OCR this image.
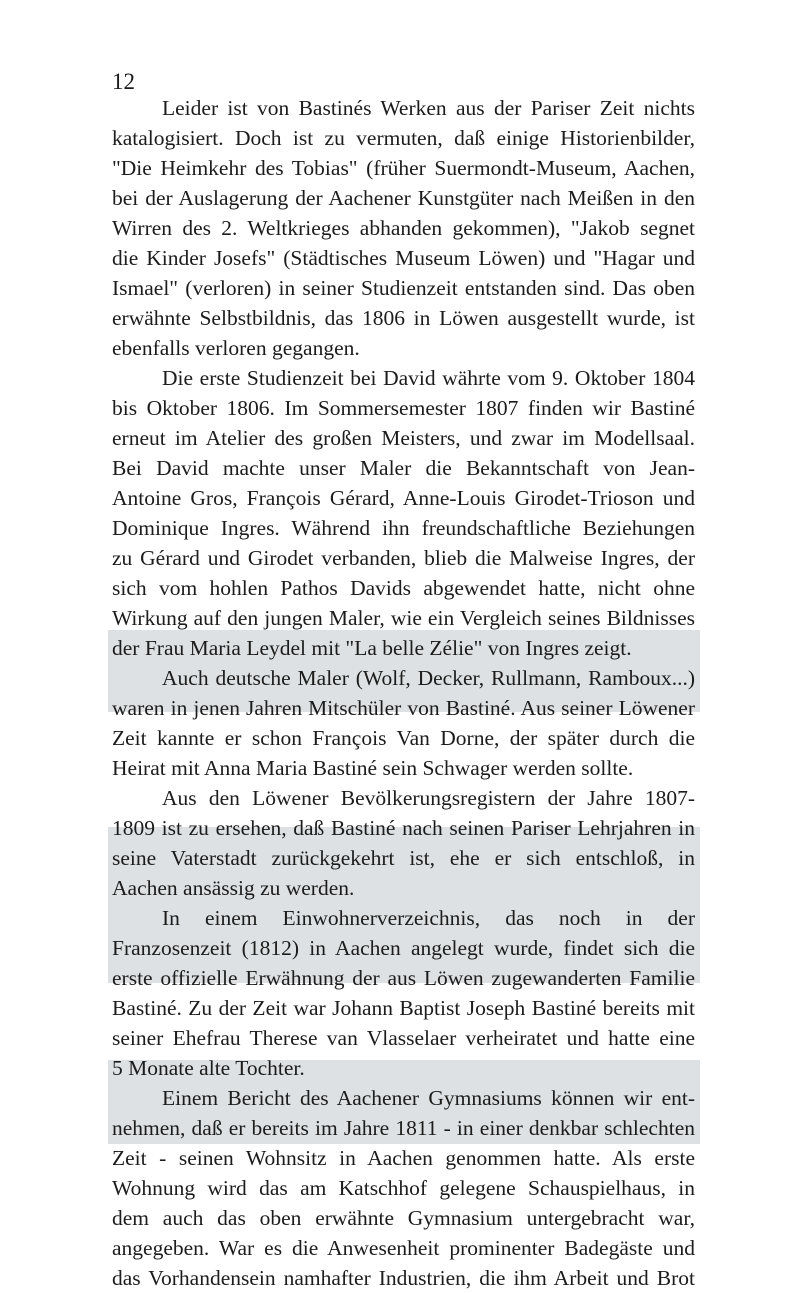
12
Leider ist von Bastinés Werken aus der Pariser Zeit nichts
katalogisiert. Doch ist zu vermuten, daß einige Historienbilder,
"Die Heimkehr des Tobias" (früher Suermondt-Museum, Aachen,
bei der Auslagerung der Aachener Kunstgüter nach Meißen in den
Wirren des 2. Weltkrieges abhanden gekommen), "Jakob segnet
die Kinder Josefs" (Städtisches Museum Löwen) und "Hagar und
Ismael" (verloren) in seiner Studienzeit entstanden sind. Das oben
erwähnte Selbstbildnis, das 1806 in Löwen ausgestellt wurde, ist
ebenfalls verloren gegangen.
Die erste Studienzeit bei David währte vom 9. Oktober 1804
bis Oktober 1806. Im Sommersemester 1807 finden wir Bastiné
erneut im Atelier des großen Meisters, und zwar im Modellsaal.
Bei David machte unser Maler die Bekanntschaft von Jean-
Antoine Gros, François Gérard, Anne-Louis Girodet-Trioson und
Dominique Ingres. Während ihn freundschaftliche Beziehungen
zu Gérard und Girodet verbanden, blieb die Malweise Ingres, der
sich vom hohlen Pathos Davids abgewendet hatte, nicht ohne
Wirkung auf den jungen Maler, wie ein Vergleich seines Bildnisses
der Frau Maria Leydel mit "La belle Zélie" von Ingres zeigt.
Auch deutsche Maler (Wolf, Decker, Rullmann, Ramboux...)
waren in jenen Jahren Mitschüler von Bastiné. Aus seiner Löwener
Zeit kannte er schon François Van Dorne, der später durch die
Heirat mit Anna Maria Bastiné sein Schwager werden sollte.
Aus den Löwener Bevölkerungsregistern der Jahre 1807-
1809 ist zu ersehen, daß Bastiné nach seinen Pariser Lehrjahren in
seine Vaterstadt zurückgekehrt ist, ehe er sich entschloß, in
Aachen ansässig zu werden.
In einem Einwohnerverzeichnis, das noch in der
Franzosenzeit (1812) in Aachen angelegt wurde, findet sich die
erste offizielle Erwähnung der aus Löwen zugewanderten Familie
Bastiné. Zu der Zeit war Johann Baptist Joseph Bastiné bereits mit
seiner Ehefrau Therese van Vlasselaer verheiratet und hatte eine
5 Monate alte Tochter.
Einem Bericht des Aachener Gymnasiums können wir ent-
nehmen, daß er bereits im Jahre 1811 - in einer denkbar schlechten
Zeit - seinen Wohnsitz in Aachen genommen hatte. Als erste
Wohnung wird das am Katschhof gelegene Schauspielhaus, in
dem auch das oben erwähnte Gymnasium untergebracht war,
angegeben. War es die Anwesenheit prominenter Badegäste und
das Vorhandensein namhafter Industrien, die ihm Arbeit und Brot
